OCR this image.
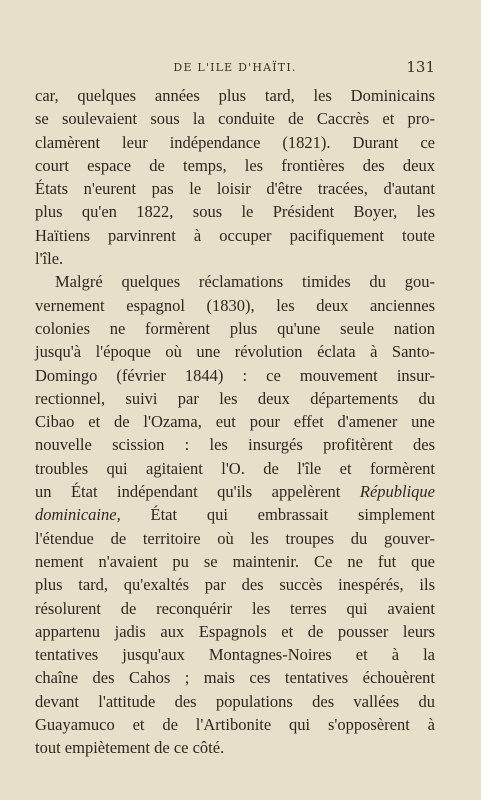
DE L'ILE D'HAÏTI.	131

car, quelques années plus tard, les Dominicains
se soulevaient sous la conduite de Caccrès et pro-
clamèrent leur indépendance (1821). Durant ce
court espace de temps, les frontières des deux
États n'eurent pas le loisir d'être tracées, d'autant
plus qu'en 1822, sous le Président Boyer, les
Haïtiens parvinrent à occuper pacifiquement toute
l'île.

Malgré quelques réclamations timides du gou-
vernement espagnol (1830), les deux anciennes
colonies ne formèrent plus qu'une seule nation
jusqu'à l'époque où une révolution éclata à Santo-
Domingo (février 1844) : ce mouvement insur-
rectionnel, suivi par les deux départements du
Cibao et de l'Ozama, eut pour effet d'amener une
nouvelle scission : les insurgés profitèrent des
troubles qui agitaient l'O. de l'île et formèrent
un État indépendant qu'ils appelèrent République
dominicaine, État qui embrassait simplement
l'étendue de territoire où les troupes du gouver-
nement n'avaient pu se maintenir. Ce ne fut que
plus tard, qu'exaltés par des succès inespérés, ils
résolurent de reconquérir les terres qui avaient
appartenu jadis aux Espagnols et de pousser leurs
tentatives jusqu'aux Montagnes-Noires et à la
chaîne des Cahos ; mais ces tentatives échouèrent
devant l'attitude des populations des vallées du
Guayamuco et de l'Artibonite qui s'opposèrent à
tout empiètement de ce côté.
